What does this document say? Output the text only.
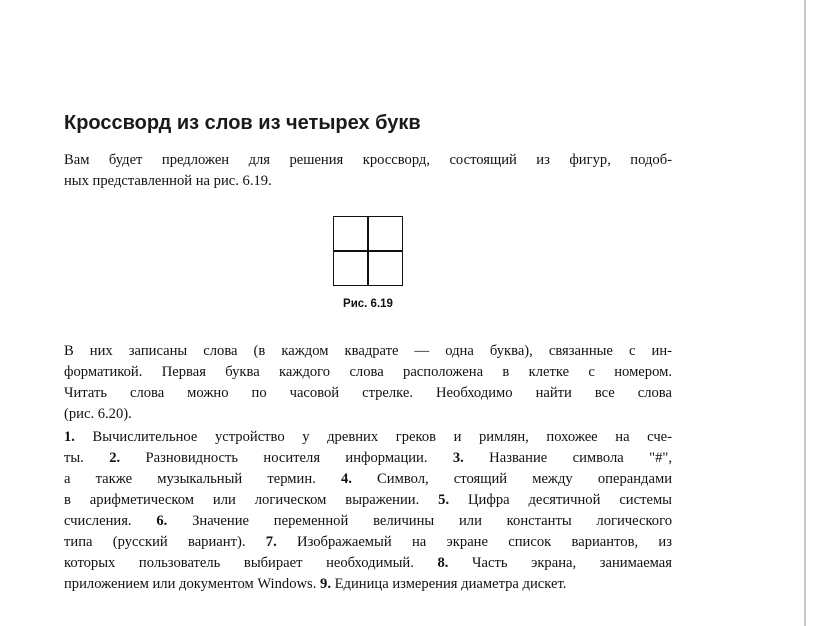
Кроссворд из слов из четырех букв
Вам будет предложен для решения кроссворд, состоящий из фигур, подоб-
ных представленной на рис. 6.19.
Рис. 6.19
В них записаны слова (в каждом квадрате — одна буква), связанные с ин-
форматикой. Первая буква каждого слова расположена в клетке с номером.
Читать слова можно по часовой стрелке. Необходимо найти все слова
(рис. 6.20).
1. Вычислительное устройство у древних греков и римлян, похожее на сче-
ты. 2. Разновидность носителя информации. 3. Название символа "#",
а также музыкальный термин. 4. Символ, стоящий между операндами
в арифметическом или логическом выражении. 5. Цифра десятичной системы
счисления. 6. Значение переменной величины или константы логического
типа (русский вариант). 7. Изображаемый на экране список вариантов, из
которых пользователь выбирает необходимый. 8. Часть экрана, занимаемая
приложением или документом Windows. 9. Единица измерения диаметра дискет.
